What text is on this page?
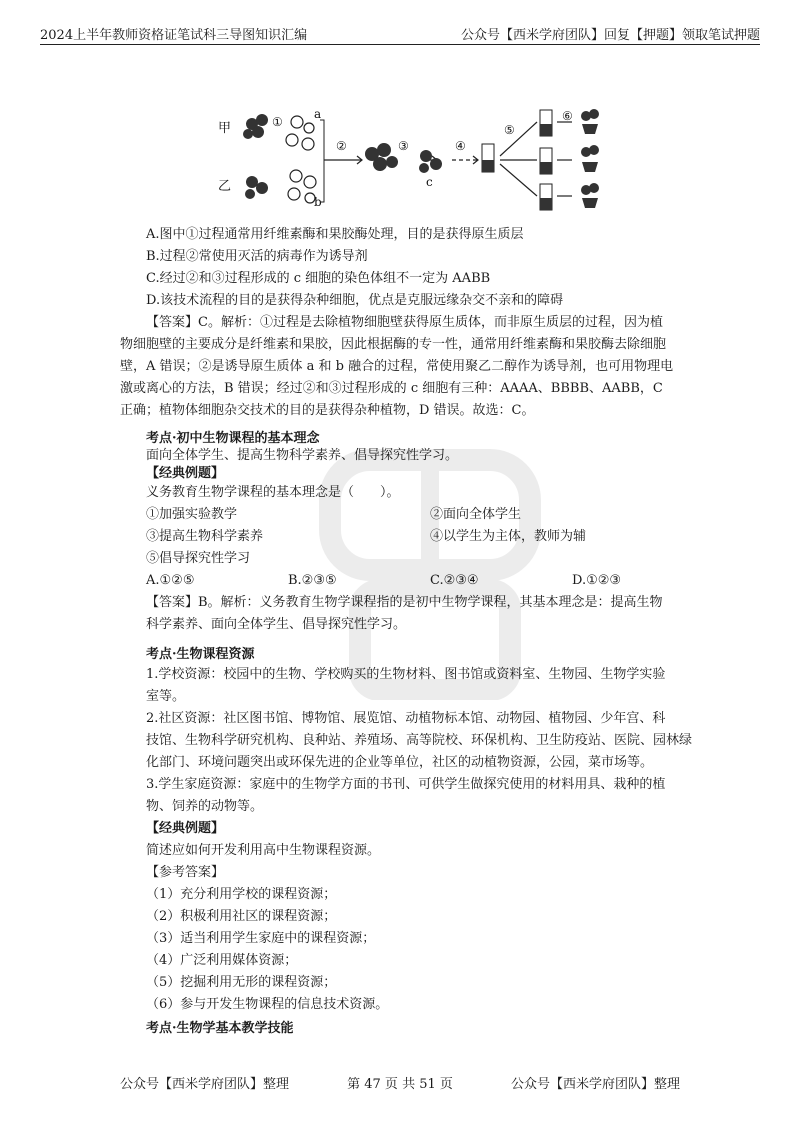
2024上半年教师资格证笔试科三导图知识汇编	公众号【西米学府团队】回复【押题】领取笔试押题
甲
乙
①
a
b
②	③	④
c
⑤
⑥
A.图中①过程通常用纤维素酶和果胶酶处理，目的是获得原生质层
B.过程②常使用灭活的病毒作为诱导剂
C.经过②和③过程形成的 c 细胞的染色体组不一定为 AABB
D.该技术流程的目的是获得杂种细胞，优点是克服远缘杂交不亲和的障碍
【答案】C。解析：①过程是去除植物细胞壁获得原生质体，而非原生质层的过程，因为植
物细胞壁的主要成分是纤维素和果胶，因此根据酶的专一性，通常用纤维素酶和果胶酶去除细胞
壁，A 错误；②是诱导原生质体 a 和 b 融合的过程，常使用聚乙二醇作为诱导剂，也可用物理电
激或离心的方法，B 错误；经过②和③过程形成的 c 细胞有三种：AAAA、BBBB、AABB，C
正确；植物体细胞杂交技术的目的是获得杂种植物，D 错误。故选：C。
考点·初中生物课程的基本理念
面向全体学生、提高生物科学素养、倡导探究性学习。
【经典例题】
义务教育生物学课程的基本理念是（　　）。
①加强实验教学	②面向全体学生
③提高生物科学素养	④以学生为主体，教师为辅
⑤倡导探究性学习
A.①②⑤	B.②③⑤	C.②③④	D.①②③
【答案】B。解析：义务教育生物学课程指的是初中生物学课程，其基本理念是：提高生物
科学素养、面向全体学生、倡导探究性学习。
考点·生物课程资源
1.学校资源：校园中的生物、学校购买的生物材料、图书馆或资料室、生物园、生物学实验
室等。
2.社区资源：社区图书馆、博物馆、展览馆、动植物标本馆、动物园、植物园、少年宫、科
技馆、生物科学研究机构、良种站、养殖场、高等院校、环保机构、卫生防疫站、医院、园林绿
化部门、环境问题突出或环保先进的企业等单位，社区的动植物资源，公园，菜市场等。
3.学生家庭资源：家庭中的生物学方面的书刊、可供学生做探究使用的材料用具、栽种的植
物、饲养的动物等。
【经典例题】
简述应如何开发利用高中生物课程资源。
【参考答案】
（1）充分利用学校的课程资源；
（2）积极利用社区的课程资源；
（3）适当利用学生家庭中的课程资源；
（4）广泛利用媒体资源；
（5）挖掘利用无形的课程资源；
（6）参与开发生物课程的信息技术资源。
考点·生物学基本教学技能
公众号【西米学府团队】整理	第 47 页 共 51 页	公众号【西米学府团队】整理
